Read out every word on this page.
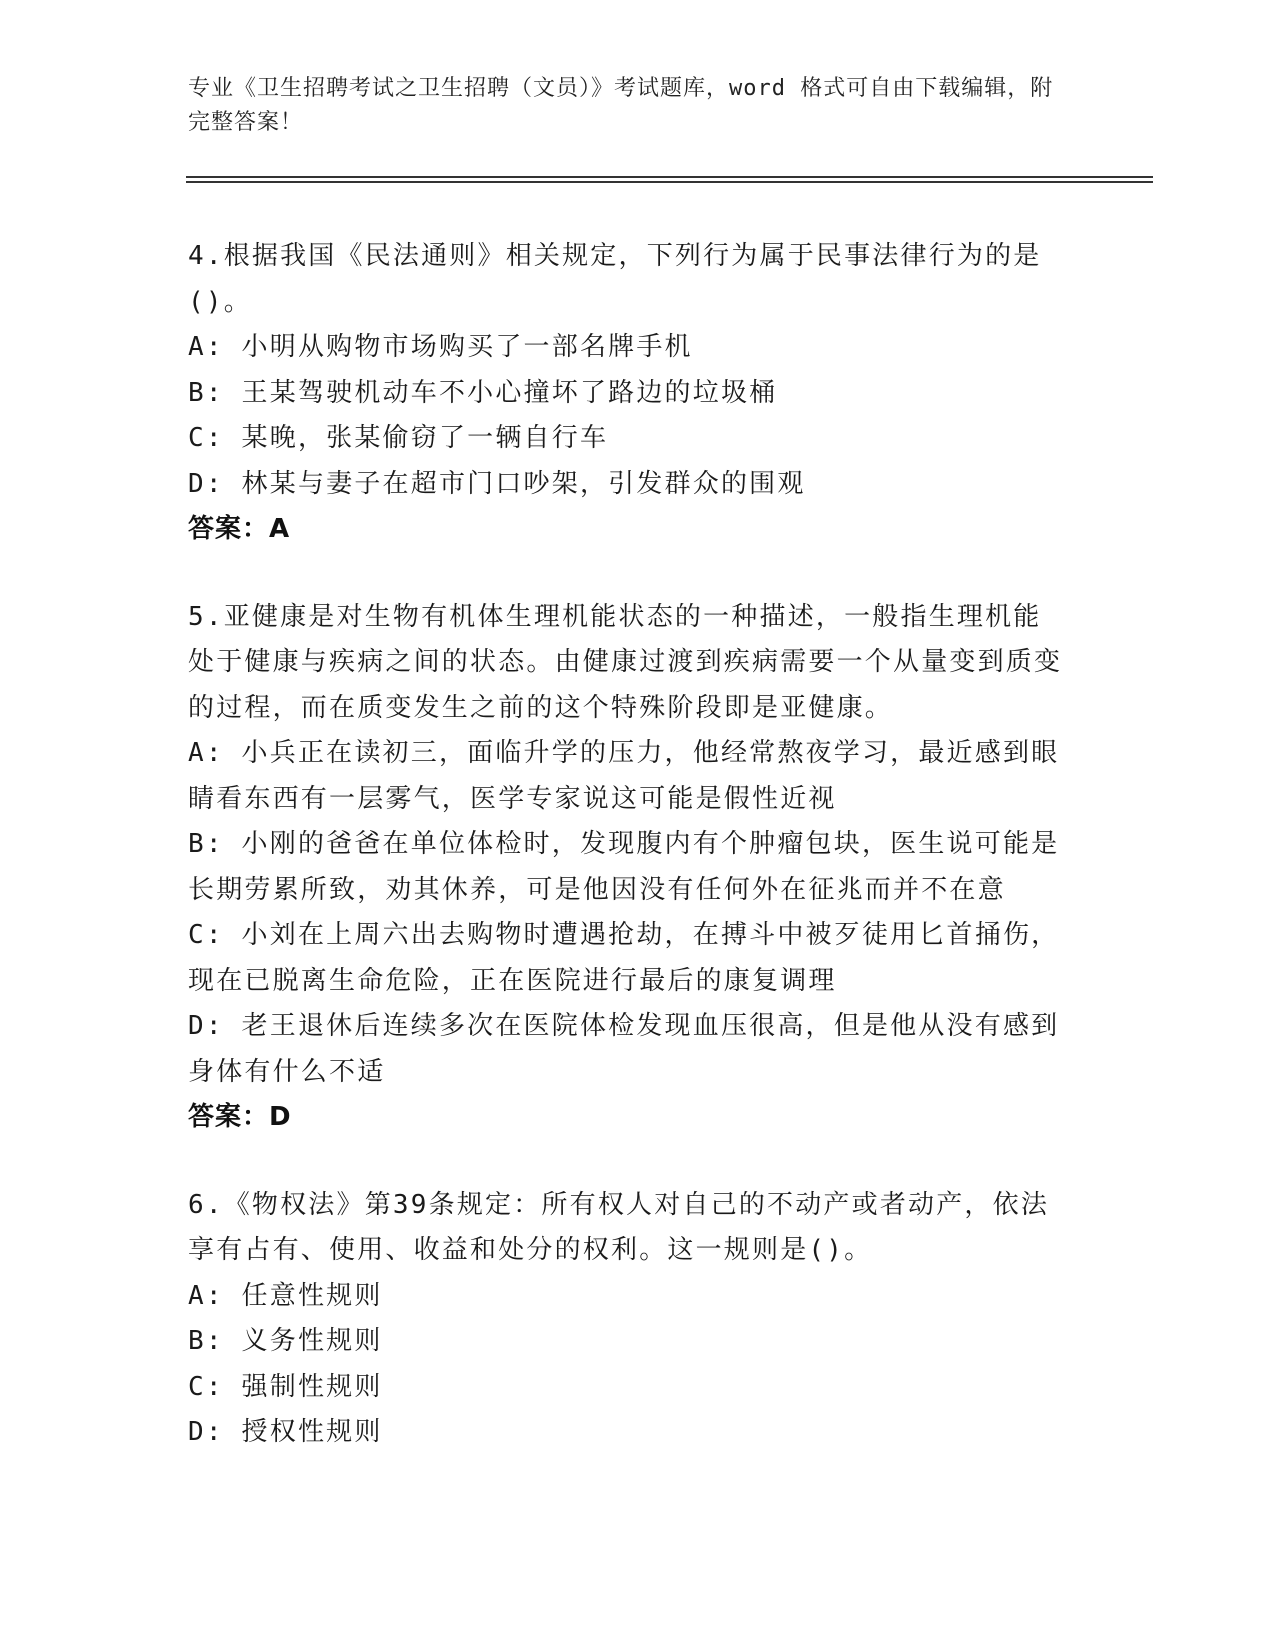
专业《卫生招聘考试之卫生招聘（文员）》考试题库，word 格式可自由下载编辑，附完整答案！

4.根据我国《民法通则》相关规定，下列行为属于民事法律行为的是()。

A: 小明从购物市场购买了一部名牌手机

B: 王某驾驶机动车不小心撞坏了路边的垃圾桶

C: 某晚，张某偷窃了一辆自行车

D: 林某与妻子在超市门口吵架，引发群众的围观

答案：A

5.亚健康是对生物有机体生理机能状态的一种描述，一般指生理机能处于健康与疾病之间的状态。由健康过渡到疾病需要一个从量变到质变的过程，而在质变发生之前的这个特殊阶段即是亚健康。

A: 小兵正在读初三，面临升学的压力，他经常熬夜学习，最近感到眼睛看东西有一层雾气，医学专家说这可能是假性近视

B: 小刚的爸爸在单位体检时，发现腹内有个肿瘤包块，医生说可能是长期劳累所致，劝其休养，可是他因没有任何外在征兆而并不在意

C: 小刘在上周六出去购物时遭遇抢劫，在搏斗中被歹徒用匕首捅伤，现在已脱离生命危险，正在医院进行最后的康复调理

D: 老王退休后连续多次在医院体检发现血压很高，但是他从没有感到身体有什么不适

答案：D

6.《物权法》第39条规定：所有权人对自己的不动产或者动产，依法享有占有、使用、收益和处分的权利。这一规则是()。

A: 任意性规则

B: 义务性规则

C: 强制性规则

D: 授权性规则
